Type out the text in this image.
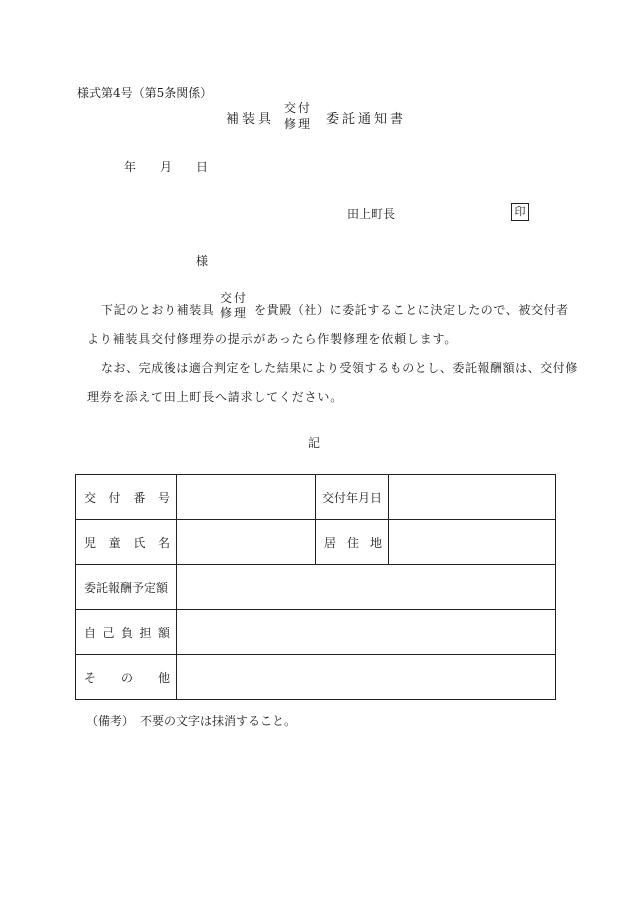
様式第4号（第5条関係）
補装具
交付
修理 委託通知書
年 月 日
田上町長	印
様
下記のとおり補装具
交付
修理 を貴殿（社）に委託することに決定したので、被交付者
より補装具交付修理券の提示があったら作製修理を依頼します。
なお、完成後は適合判定をした結果により受領するものとし、委託報酬額は、交付修
理券を添えて田上町長へ請求してください。
記
交 付 番 号		交付年月日	

児 童 氏 名		居 住 地	

委託報酬予定額			

自 己 負 担 額			

そ の 他			

（備考）　不要の文字は抹消すること。
